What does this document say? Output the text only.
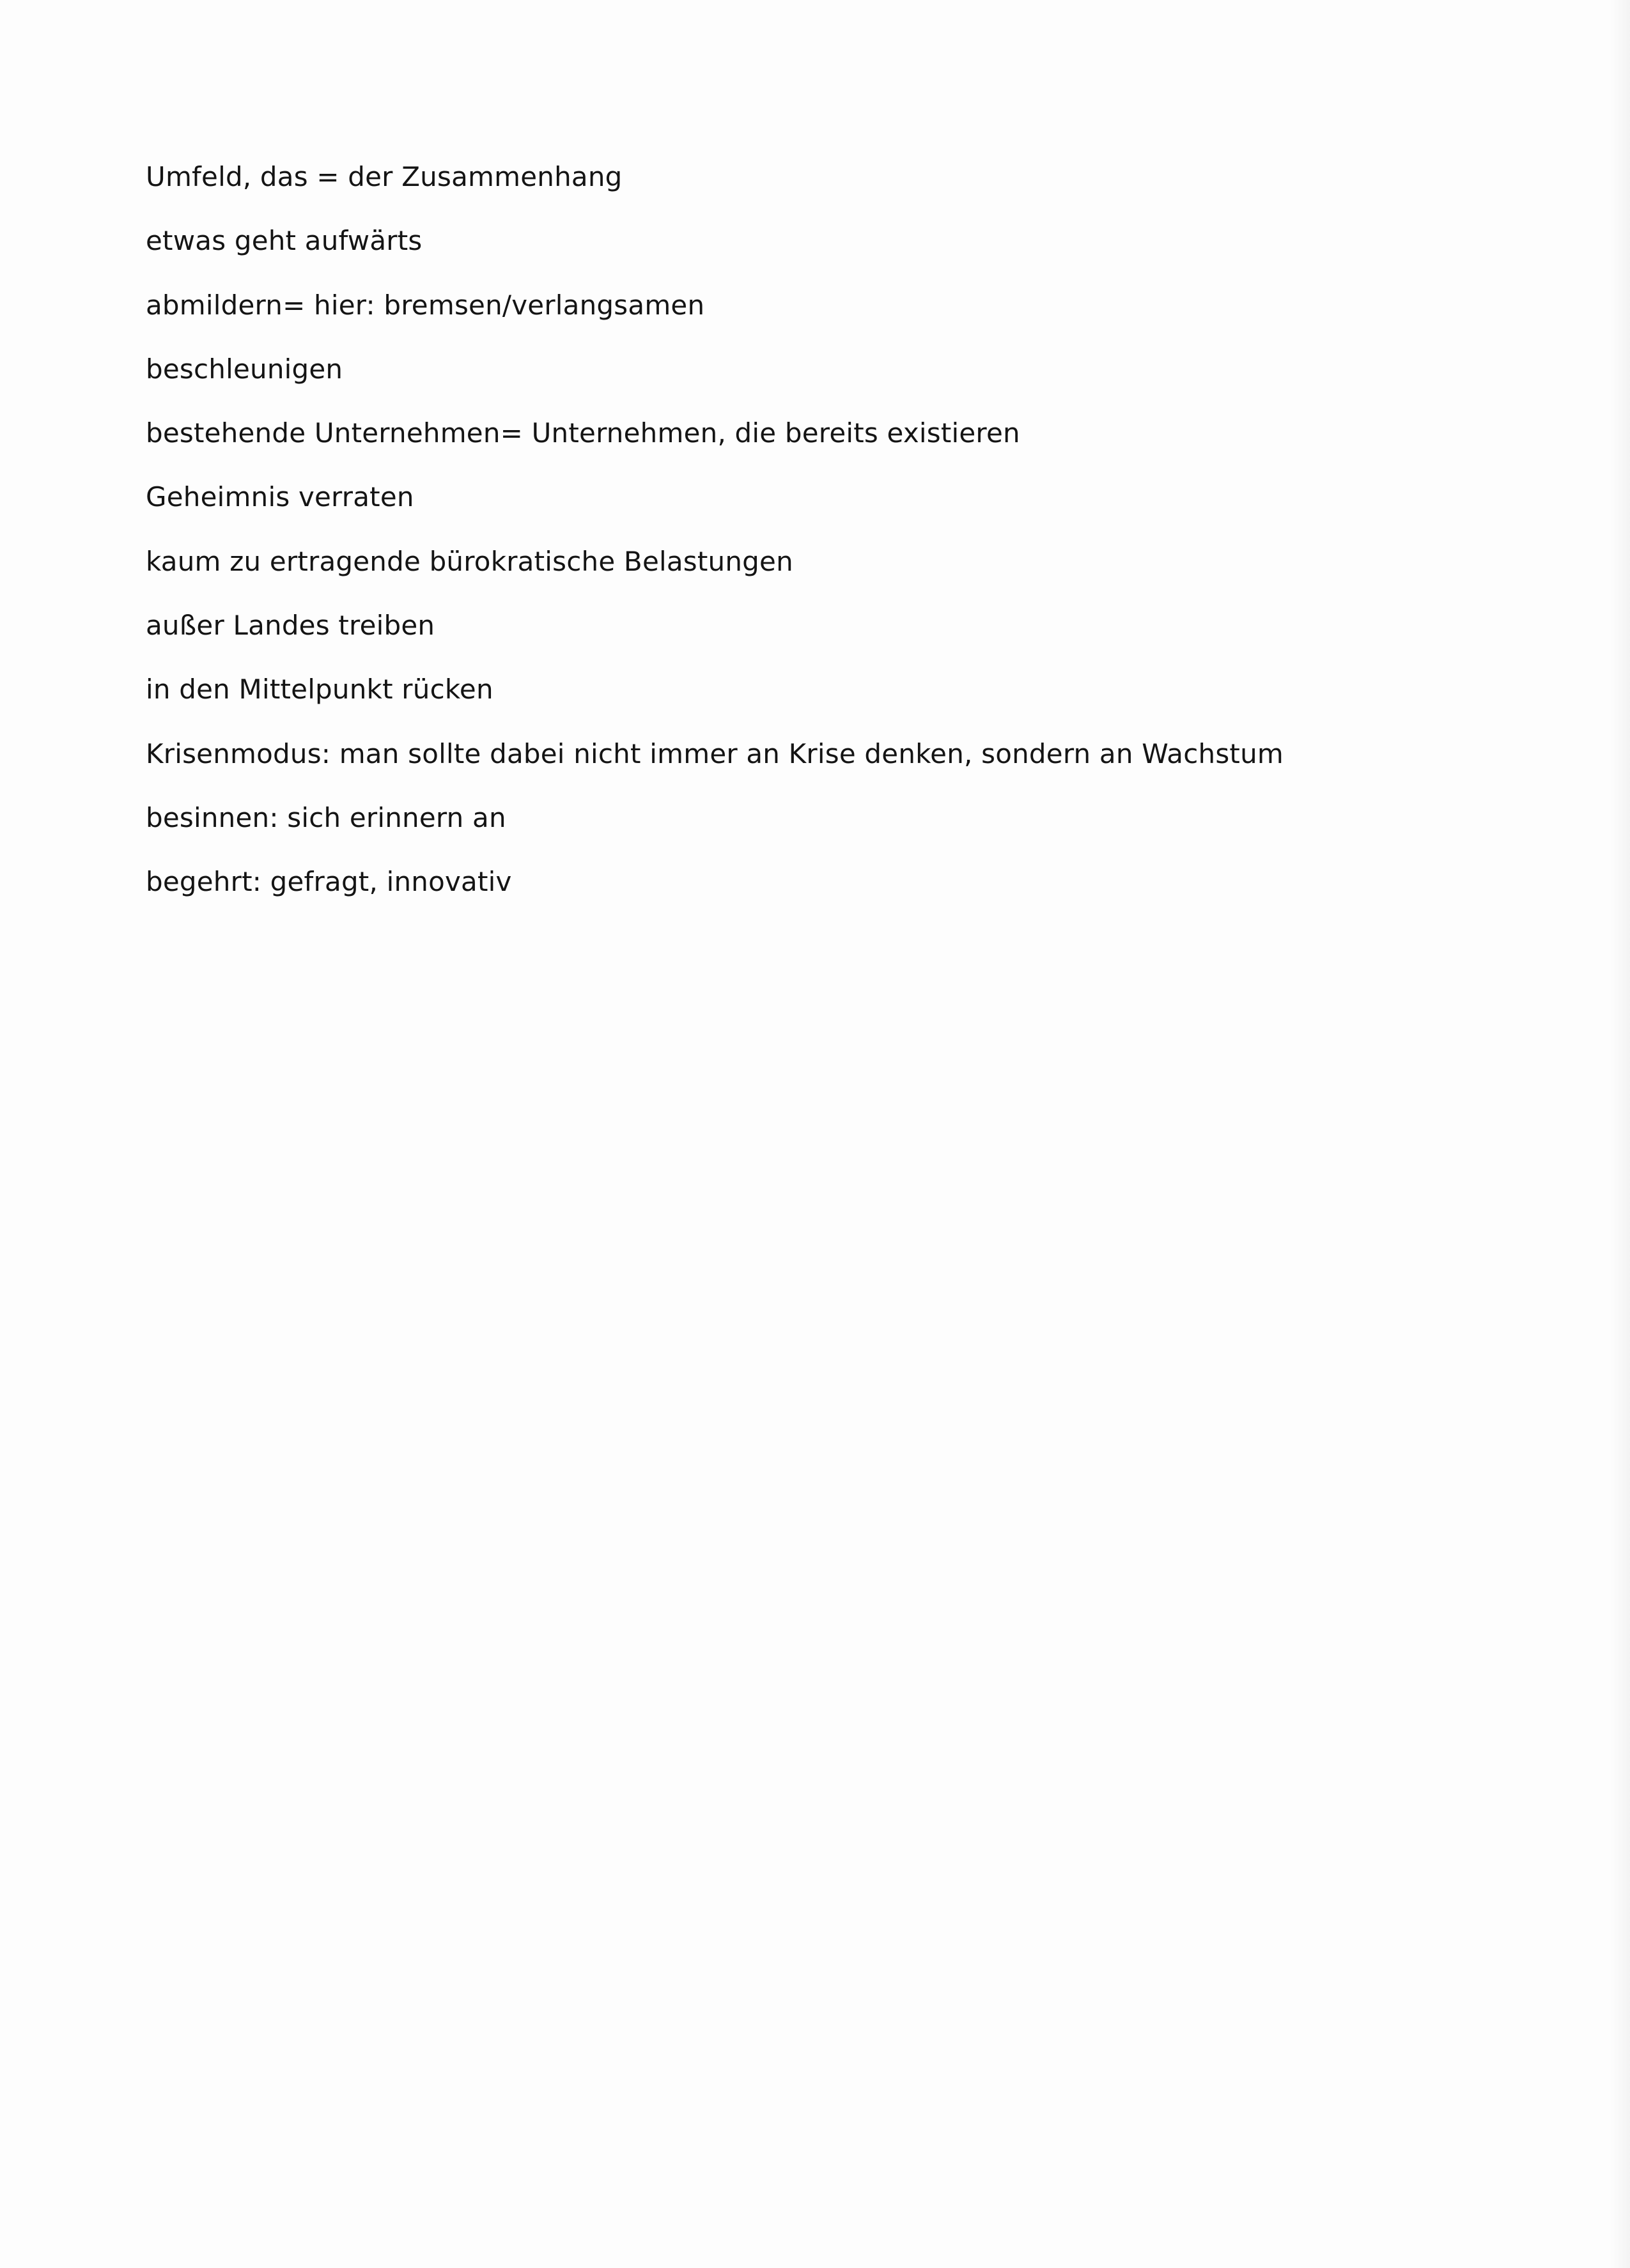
Umfeld, das = der Zusammenhang
etwas geht aufwärts
abmildern= hier: bremsen/verlangsamen
beschleunigen
bestehende Unternehmen= Unternehmen, die bereits existieren
Geheimnis verraten
kaum zu ertragende bürokratische Belastungen
außer Landes treiben
in den Mittelpunkt rücken
Krisenmodus: man sollte dabei nicht immer an Krise denken, sondern an Wachstum
besinnen: sich erinnern an
begehrt: gefragt, innovativ
